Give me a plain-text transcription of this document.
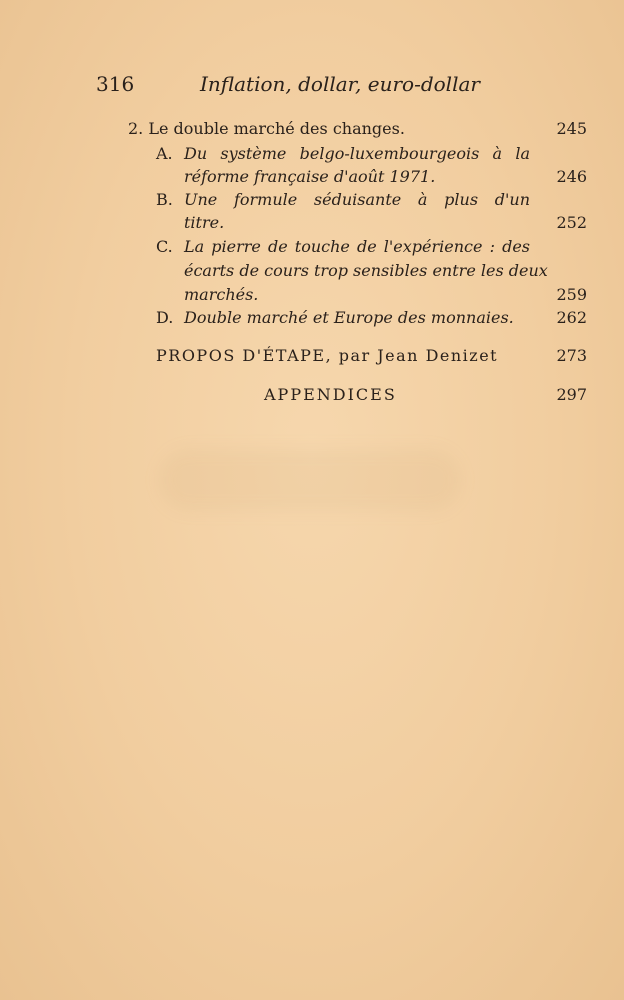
316	Inflation, dollar, euro-dollar
2. Le double marché des changes.	245
A. Du système belgo-luxembourgeois à la
réforme française d'août 1971.	246
B. Une formule séduisante à plus d'un
titre.	252
C. La pierre de touche de l'expérience : des
écarts de cours trop sensibles entre les deux
marchés.	259
D. Double marché et Europe des monnaies.	262
PROPOS D'ÉTAPE, par Jean Denizet	273
APPENDICES	297
